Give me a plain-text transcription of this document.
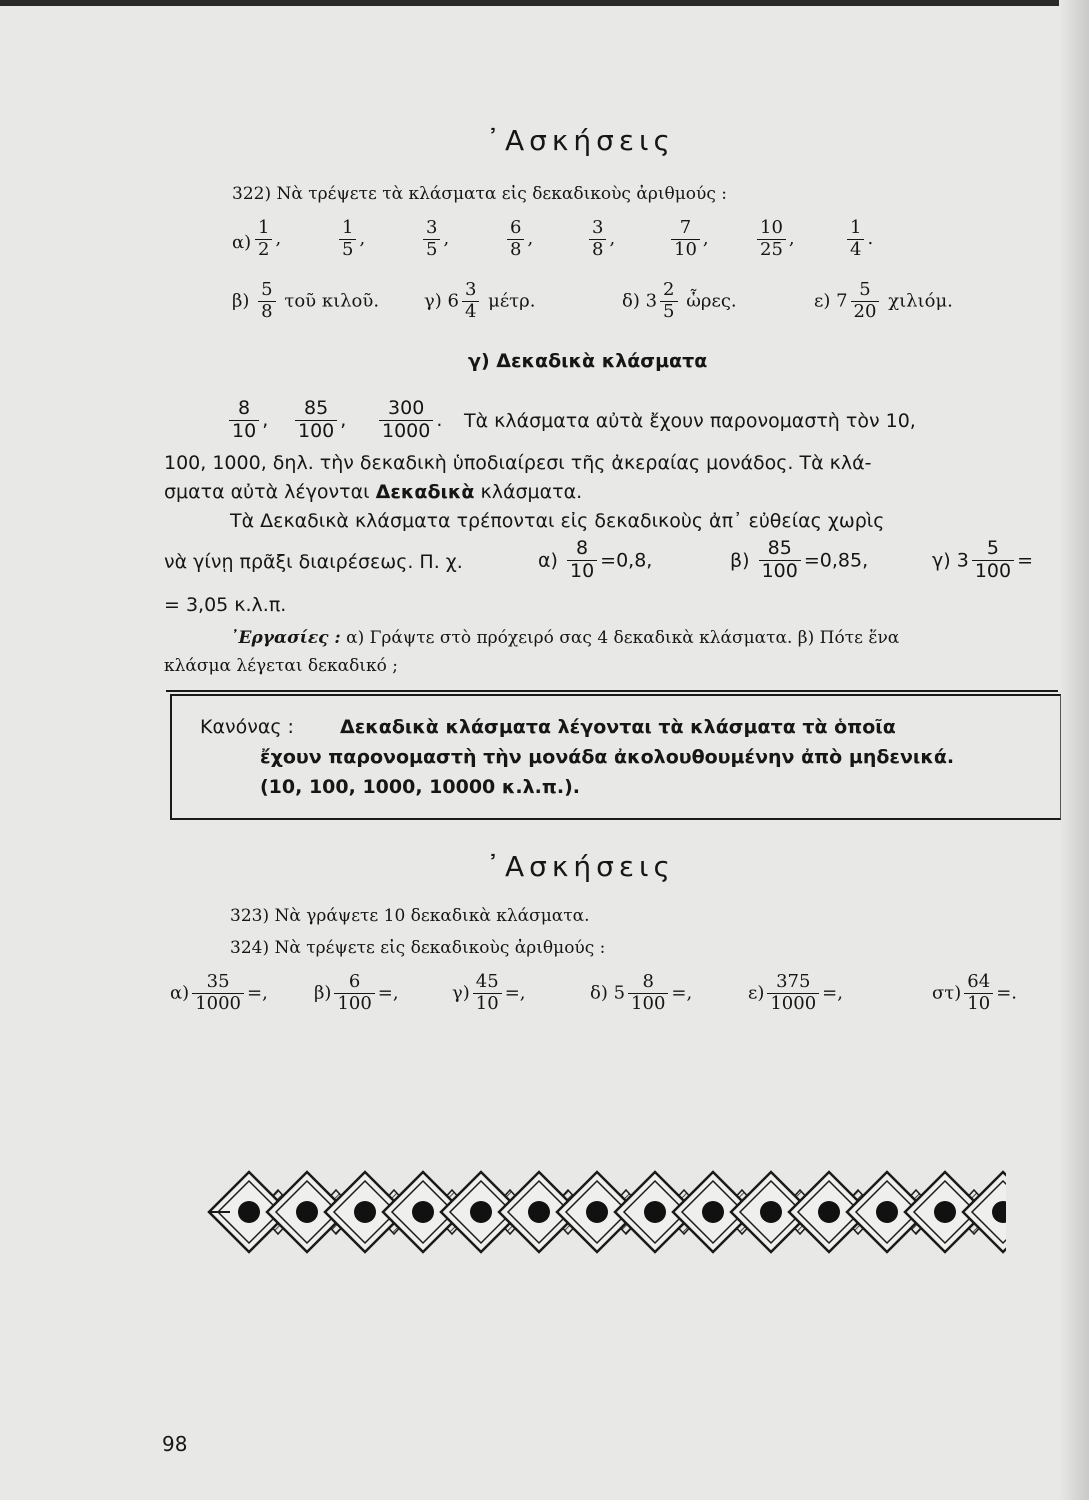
᾿Ασκήσεις
322) Νὰ τρέψετε τὰ κλάσματα εἰς δεκαδικοὺς ἀριθμούς :
$\alpha) \frac{1}{2}$ ,	$\frac{1}{5}$ ,	$\frac{3}{5}$ ,	$\frac{6}{8}$ ,	$\frac{3}{8}$ ,	$\frac{7}{10}$ ,	$\frac{10}{25}$ ,	$\frac{1}{4}$ .
$\beta) \frac{5}{8}$ τοῦ κιλοῦ. γ) $6 \frac{3}{4} \mu έ\tau\rho$.	δ) $3 \frac{2}{5}$ ὧρες.	ε) $7 \frac{5}{20} \chi\iota\lambda\iota ό\mu$.
γ) Δεκαδικὰ κλάσματα
$\frac{8}{10}$ , $\frac{85}{100}$ , $\frac{300}{1000}$ . Τὰ κλάσματα αὐτὰ ἔχουν παρονομαστὴ τὸν 10,
100, 1000, δηλ. τὴν δεκαδικὴ ὑποδιαίρεσι τῆς ἀκεραίας μονάδος. Τὰ κλά-
σματα αὐτὰ λέγονται Δεκαδικὰ κλάσματα.
Τὰ Δεκαδικὰ κλάσματα τρέπονται εἰς δεκαδικοὺς ἀπ᾿ εὐθείας χωρὶς
νὰ γίνῃ πρᾶξι διαιρέσεως. Π. χ.	$\alpha) \frac{8}{10} =0,8$,	$\beta) \frac{85}{100} =0,85$,	γ) $3 \frac{5}{100}$ =
= 3,05 κ.λ.π.
᾿Εργασίες : α) Γράψτε στὸ πρόχειρό σας 4 δεκαδικὰ κλάσματα. β) Πότε ἕνα
κλάσμα λέγεται δεκαδικό ;
Κανόνας : Δεκαδικὰ κλάσματα λέγονται τὰ κλάσματα τὰ ὁποῖα
ἔχουν παρονομαστὴ τὴν μονάδα ἀκολουθουμένην ἀπὸ μηδενικά.
(10, 100, 1000, 10000 κ.λ.π.).
᾿Ασκήσεις
323) Νὰ γράψετε 10 δεκαδικὰ κλάσματα.
324) Νὰ τρέψετε εἰς δεκαδικοὺς ἀριθμούς :
$\alpha) \frac{35}{1000}$ =,	$\beta) \frac{6}{100}$ =,	$\gamma) \frac{45}{10}$ =,	δ) $5 \frac{8}{100}$ =,	$\varepsilon) \frac{375}{1000}$ =,	$\sigma\tau) \frac{64}{10}$ =.
98
